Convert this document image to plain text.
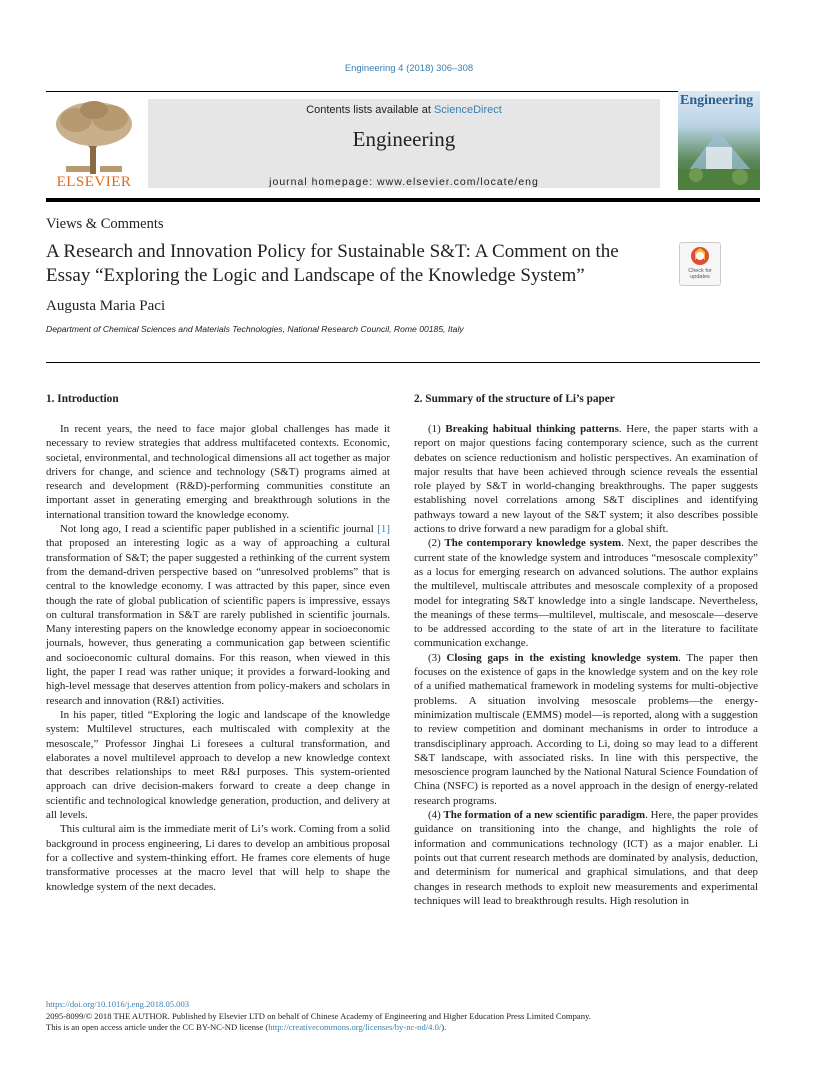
Engineering 4 (2018) 306–308
ELSEVIER
Contents lists available at ScienceDirect
Engineering
journal homepage: www.elsevier.com/locate/eng
Engineering
Views & Comments
A Research and Innovation Policy for Sustainable S&T: A Comment on the Essay “Exploring the Logic and Landscape of the Knowledge System”	Check for updates
Augusta Maria Paci
Department of Chemical Sciences and Materials Technologies, National Research Council, Rome 00185, Italy
1. Introduction	2. Summary of the structure of Li’s paper

In recent years, the need to face major global challenges has made it necessary to review strategies that address multifaceted contexts. Economic, societal, environmental, and technological dimensions all act together as major drivers for change, and science and technology (S&T) programs aimed at research and development (R&D)-performing communities constitute an important asset in generating emerging and breakthrough solutions in the international transition toward the knowledge economy.

Not long ago, I read a scientific paper published in a scientific journal [1] that proposed an interesting logic as a way of approaching a cultural transformation of S&T; the paper suggested a rethinking of the current system from the demand-driven perspective based on “unresolved problems” that is central to the knowledge economy. I was attracted by this paper, since even though the rate of global publication of scientific papers is impressive, essays on cultural transformation in S&T are rarely published in scientific journals. Many interesting papers on the knowledge economy appear in socioeconomic journals, however, thus generating a communication gap between scientific and socioeconomic cultural domains. For this reason, when viewed in this light, the paper I read was rather unique; it provides a forward-looking and high-level message that deserves attention from policy-makers and scholars in research and innovation (R&I) activities.

In his paper, titled “Exploring the logic and landscape of the knowledge system: Multilevel structures, each multiscaled with complexity at the mesoscale,” Professor Jinghai Li foresees a cultural transformation, and elaborates a novel multilevel approach to develop a new knowledge context that describes relationships to meet R&I purposes. This system-oriented approach can drive decision-makers forward to create a deep change in scientific and technological knowledge generation, production, and delivery at all levels.

This cultural aim is the immediate merit of Li’s work. Coming from a solid background in process engineering, Li dares to develop an ambitious proposal for a collective and system-thinking effort. He frames core elements of huge transformative processes at the macro level that will help to shape the knowledge system of the next decades.

(1) Breaking habitual thinking patterns. Here, the paper starts with a report on major questions facing contemporary science, such as the current debates on science reductionism and holistic perspectives. An examination of major results that have been achieved through science reveals the essential role played by S&T in world-changing breakthroughs. The paper suggests establishing novel correlations among S&T disciplines and identifying pathways toward a new layout of the S&T system; it also describes possible actions to drive forward a new paradigm for a global shift.

(2) The contemporary knowledge system. Next, the paper describes the current state of the knowledge system and introduces “mesoscale complexity” as a locus for emerging research on advanced solutions. The author explains the multilevel, multiscale attributes and mesoscale complexity of a proposed model for integrating S&T knowledge into a single landscape. Nevertheless, the meanings of these terms—multilevel, multiscale, and mesoscale—deserve to be addressed according to the state of art in the literature to facilitate communication exchange.

(3) Closing gaps in the existing knowledge system. The paper then focuses on the existence of gaps in the knowledge system and on the key role of a unified mathematical framework in modeling systems for multi-objective problems. A situation involving mesoscale problems—the energy-minimization multiscale (EMMS) model—is reported, along with a suggestion to review competition and dominant mechanisms in order to introduce a transdisciplinary approach. According to Li, doing so may lead to a different S&T landscape, with associated risks. In line with this perspective, the mesoscience program launched by the National Natural Science Foundation of China (NSFC) is reported as a novel approach in the design of energy-related research programs.

(4) The formation of a new scientific paradigm. Here, the paper provides guidance on transitioning into the change, and highlights the role of information and communications technology (ICT) as a major enabler. Li points out that current research methods are dominated by analysis, deduction, and determinism for numerical and graphical simulations, and that deep changes in research methods to exploit new measurements and experimental techniques will lead to breakthrough results. High resolution in

https://doi.org/10.1016/j.eng.2018.05.003
2095-8099/© 2018 THE AUTHOR. Published by Elsevier LTD on behalf of Chinese Academy of Engineering and Higher Education Press Limited Company.
This is an open access article under the CC BY-NC-ND license (http://creativecommons.org/licenses/by-nc-nd/4.0/).
